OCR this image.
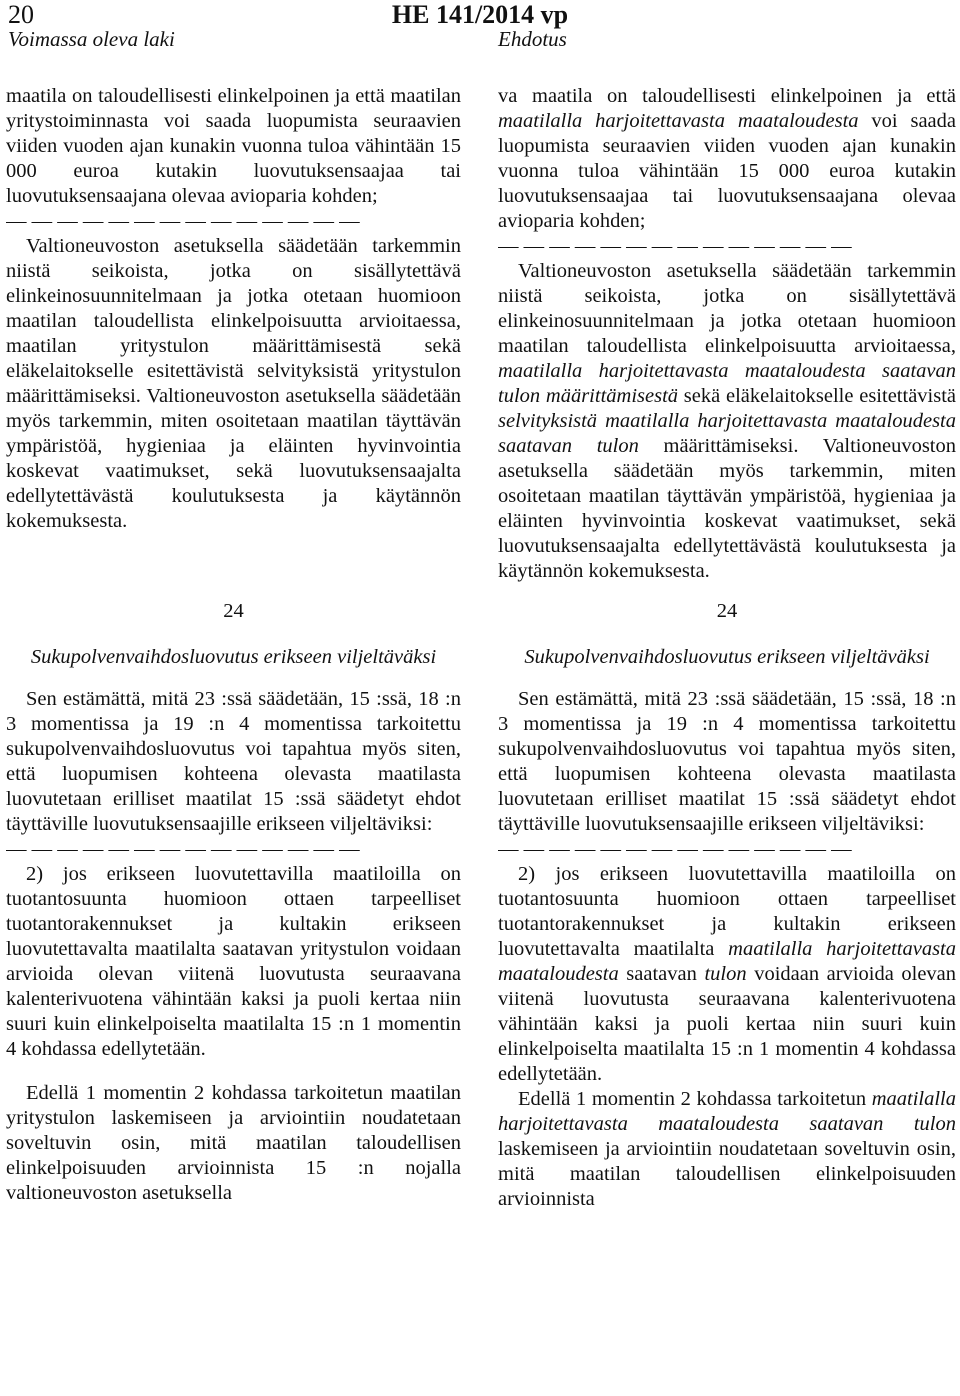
20	HE 141/2014 vp
Voimassa oleva laki	Ehdotus

maatila on taloudellisesti elinkelpoinen ja että maatilan yritystoiminnasta voi saada luopumista seuraavien viiden vuoden ajan kunakin vuonna tuloa vähintään 15 000 euroa kutakin luovutuksensaajaa tai luovutuksensaajana olevaa avioparia kohden;

— — — — — — — — — — — — — —

Valtioneuvoston asetuksella säädetään tarkemmin niistä seikoista, jotka on sisällytettävä elinkeinosuunnitelmaan ja jotka otetaan huomioon maatilan taloudellista elinkelpoisuutta arvioitaessa, maatilan yritystulon määrittämisestä sekä eläkelaitokselle esitettävistä selvityksistä yritystulon määrittämiseksi. Valtioneuvoston asetuksella säädetään myös tarkemmin, miten osoitetaan maatilan täyttävän ympäristöä, hygieniaa ja eläinten hyvinvointia koskevat vaatimukset, sekä luovutuksensaajalta edellytettävästä koulutuksesta ja käytännön kokemuksesta.

24

Sukupolvenvaihdosluovutus erikseen viljeltäväksi

Sen estämättä, mitä 23 :ssä säädetään, 15 :ssä, 18 :n 3 momentissa ja 19 :n 4 momentissa tarkoitettu sukupolvenvaihdosluovutus voi tapahtua myös siten, että luopumisen kohteena olevasta maatilasta luovutetaan erilliset maatilat 15 :ssä säädetyt ehdot täyttäville luovutuksensaajille erikseen viljeltäviksi:

— — — — — — — — — — — — — —

2) jos erikseen luovutettavilla maatiloilla on tuotantosuunta huomioon ottaen tarpeelliset tuotantorakennukset ja kultakin erikseen luovutettavalta maatilalta saatavan yritystulon voidaan arvioida olevan viitenä luovutusta seuraavana kalenterivuotena vähintään kaksi ja puoli kertaa niin suuri kuin elinkelpoiselta maatilalta 15 :n 1 momentin 4 kohdassa edellytetään.

Edellä 1 momentin 2 kohdassa tarkoitetun maatilan yritystulon laskemiseen ja arviointiin noudatetaan soveltuvin osin, mitä maatilan taloudellisen elinkelpoisuuden arvioinnista 15 :n nojalla valtioneuvoston asetuksella

va maatila on taloudellisesti elinkelpoinen ja että maatilalla harjoitettavasta maataloudesta voi saada luopumista seuraavien viiden vuoden ajan kunakin vuonna tuloa vähintään 15 000 euroa kutakin luovutuksensaajaa tai luovutuksensaajana olevaa avioparia kohden;

— — — — — — — — — — — — — —

Valtioneuvoston asetuksella säädetään tarkemmin niistä seikoista, jotka on sisällytettävä elinkeinosuunnitelmaan ja jotka otetaan huomioon maatilan taloudellista elinkelpoisuutta arvioitaessa, maatilalla harjoitettavasta maataloudesta saatavan tulon määrittämisestä sekä eläkelaitokselle esitettävistä selvityksistä maatilalla harjoitettavasta maataloudesta saatavan tulon määrittämiseksi. Valtioneuvoston asetuksella säädetään myös tarkemmin, miten osoitetaan maatilan täyttävän ympäristöä, hygieniaa ja eläinten hyvinvointia koskevat vaatimukset, sekä luovutuksensaajalta edellytettävästä koulutuksesta ja käytännön kokemuksesta.

24

Sukupolvenvaihdosluovutus erikseen viljeltäväksi

Sen estämättä, mitä 23 :ssä säädetään, 15 :ssä, 18 :n 3 momentissa ja 19 :n 4 momentissa tarkoitettu sukupolvenvaihdosluovutus voi tapahtua myös siten, että luopumisen kohteena olevasta maatilasta luovutetaan erilliset maatilat 15 :ssä säädetyt ehdot täyttäville luovutuksensaajille erikseen viljeltäviksi:

— — — — — — — — — — — — — —

2) jos erikseen luovutettavilla maatiloilla on tuotantosuunta huomioon ottaen tarpeelliset tuotantorakennukset ja kultakin erikseen luovutettavalta maatilalta maatilalla harjoitettavasta maataloudesta saatavan tulon voidaan arvioida olevan viitenä luovutusta seuraavana kalenterivuotena vähintään kaksi ja puoli kertaa niin suuri kuin elinkelpoiselta maatilalta 15 :n 1 momentin 4 kohdassa edellytetään.

Edellä 1 momentin 2 kohdassa tarkoitetun maatilalla harjoitettavasta maataloudesta saatavan tulon laskemiseen ja arviointiin noudatetaan soveltuvin osin, mitä maatilan taloudellisen elinkelpoisuuden arvioinnista
